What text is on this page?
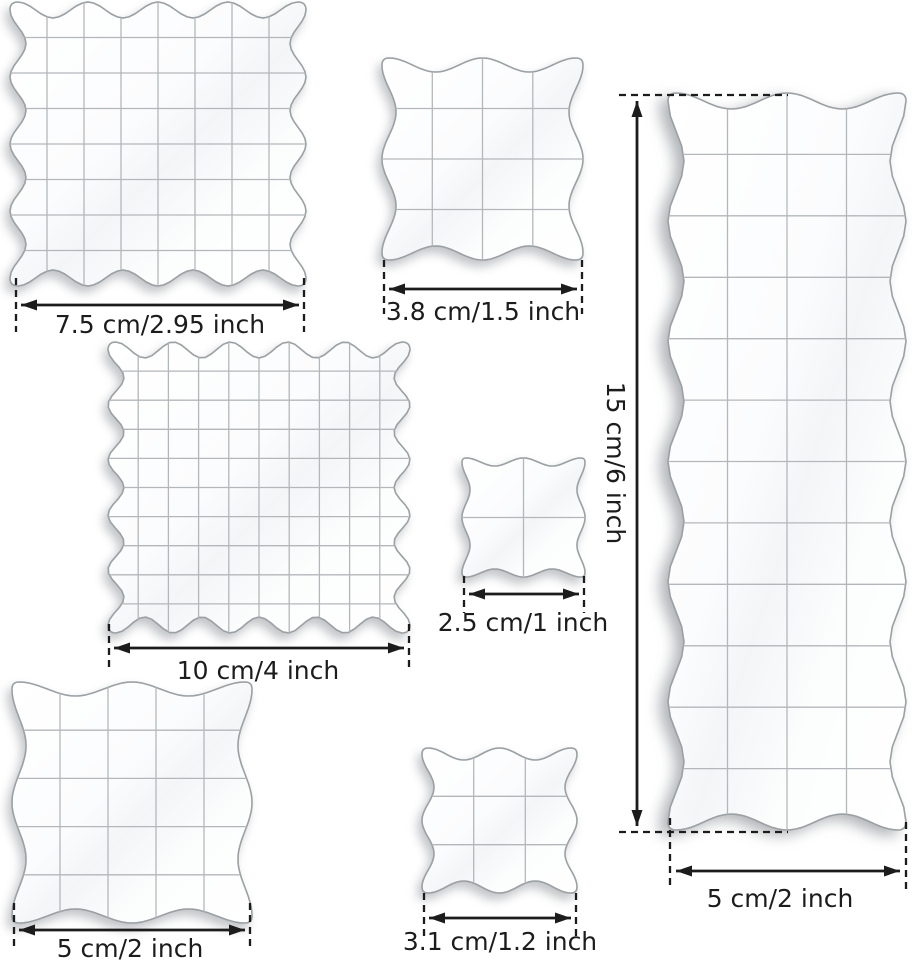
7.5 cm/2.95 inch	3.8 cm/1.5 inch
15 cm/6 inch
5 cm/2 inch
10 cm/4 inch
2.5 cm/1 inch
5 cm/2 inch	3.1 cm/1.2 inch
